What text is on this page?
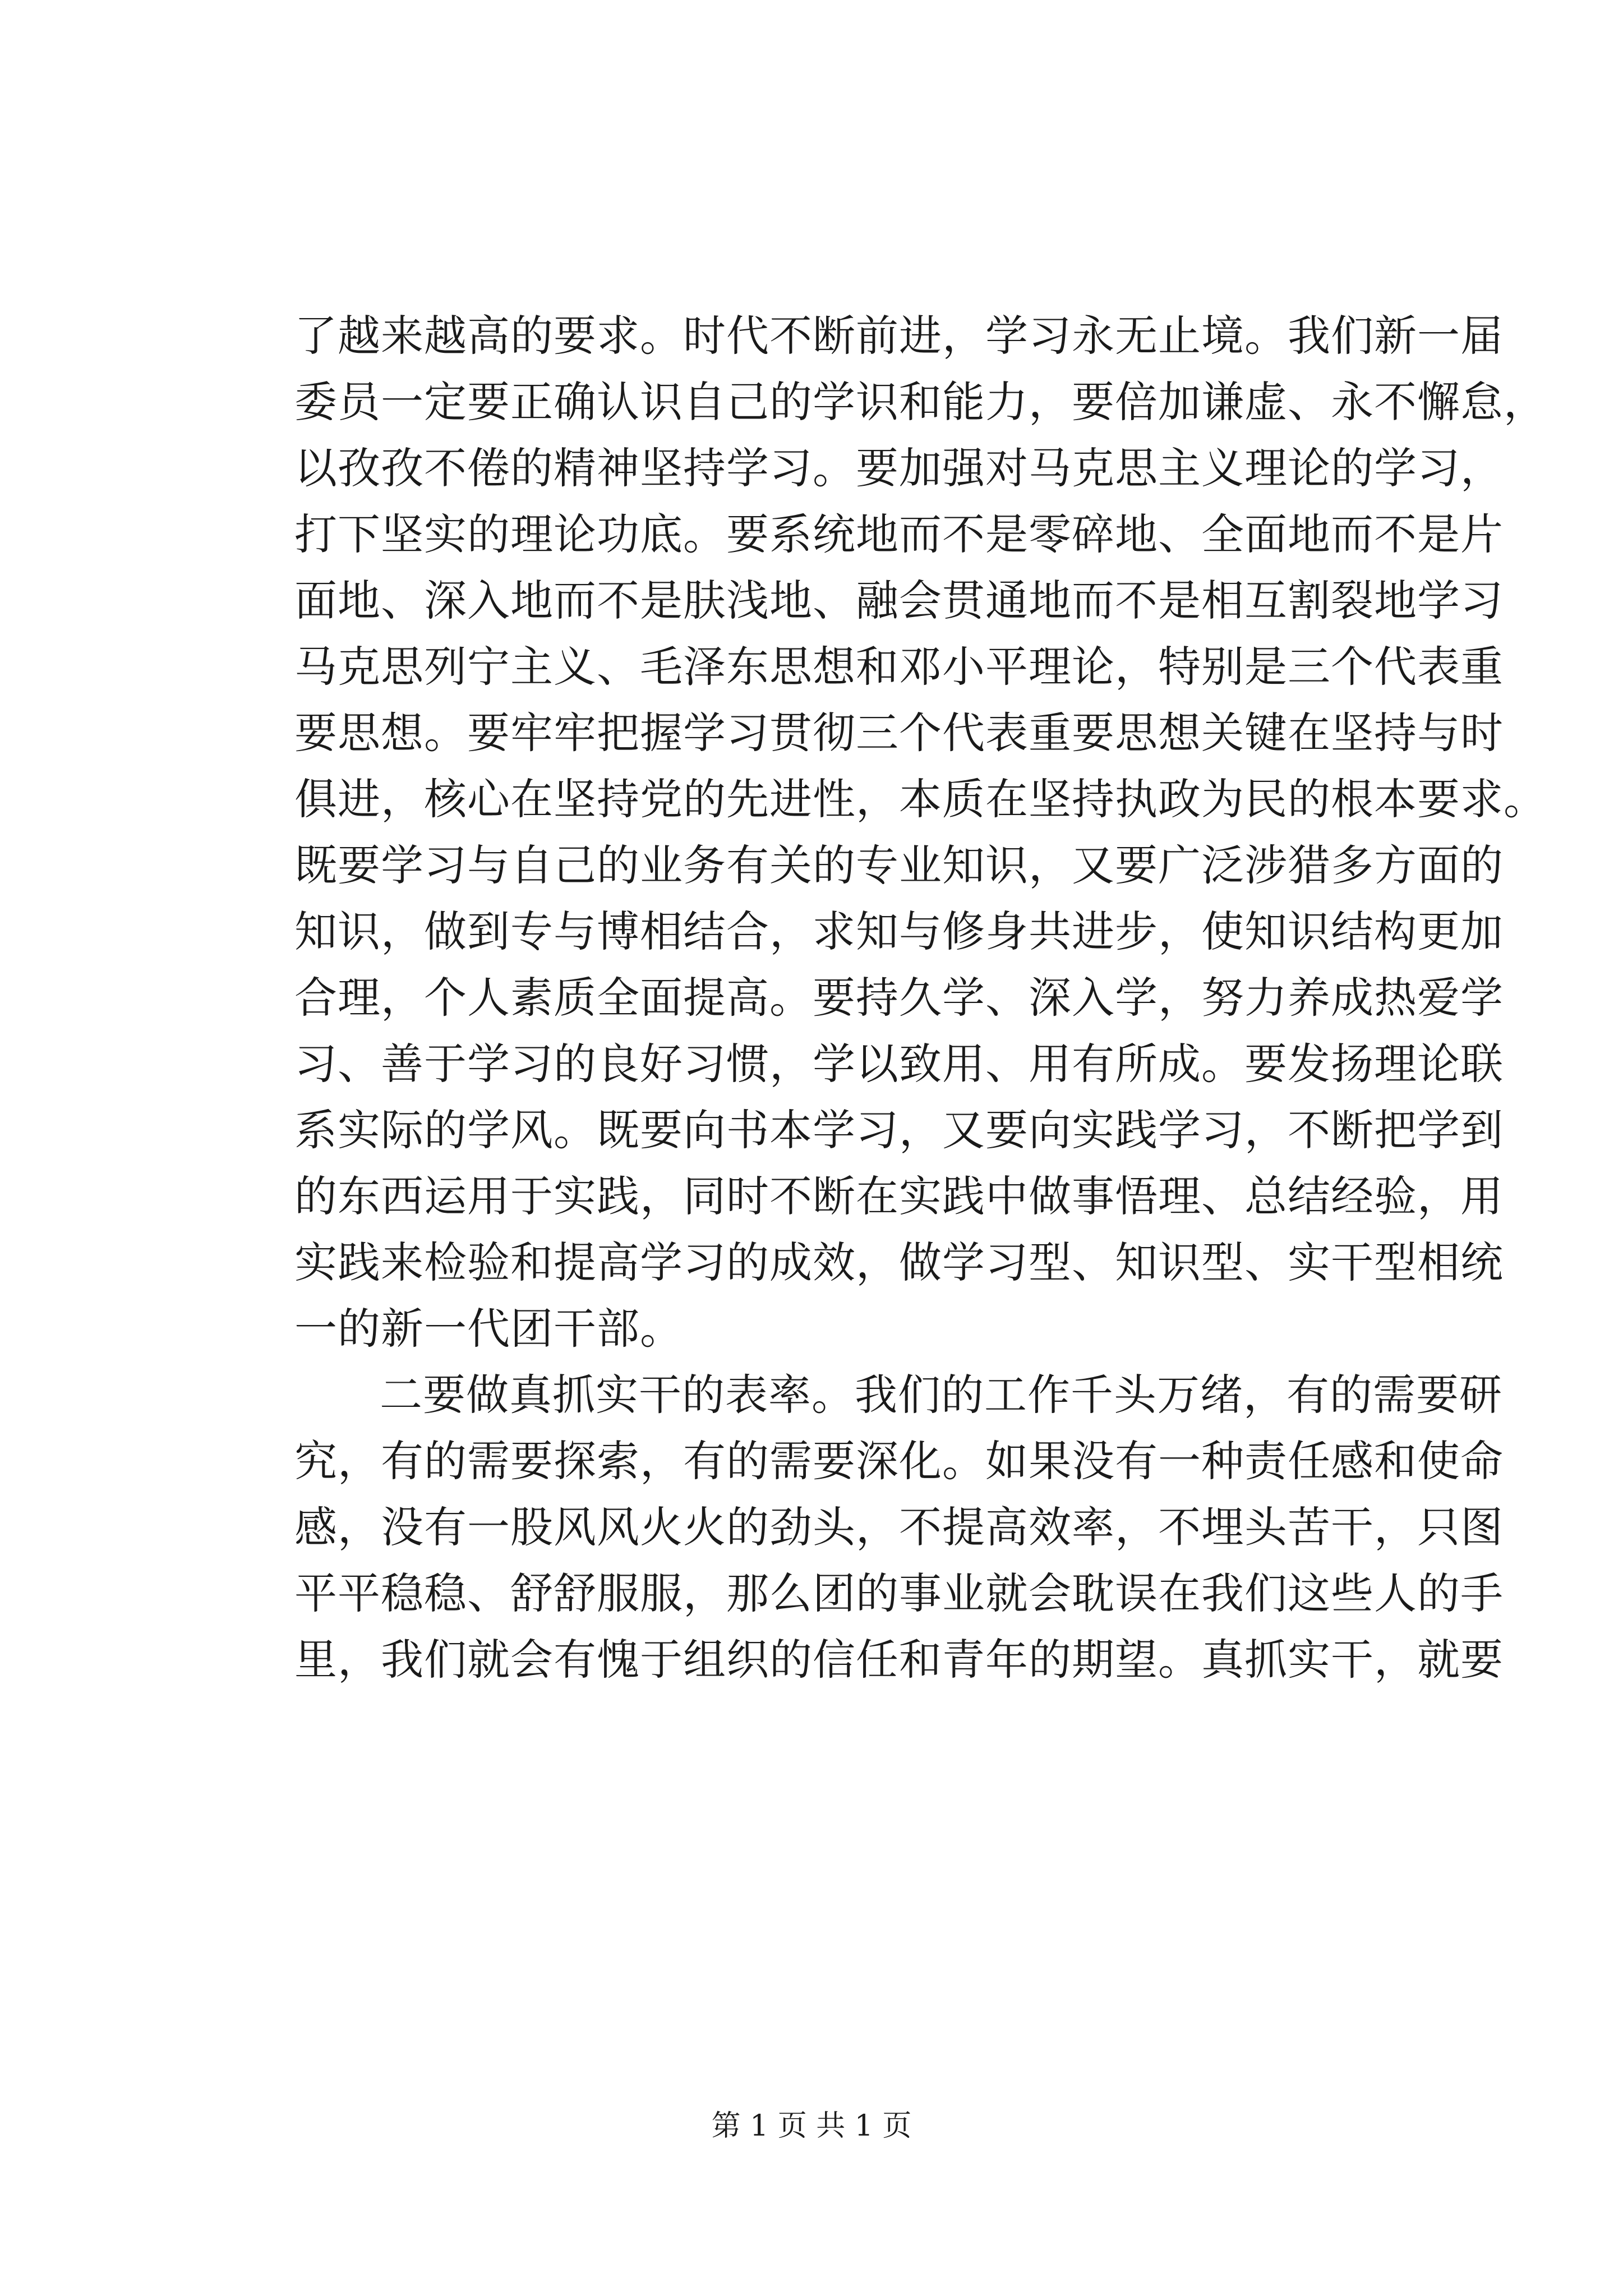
了越来越高的要求。时代不断前进，学习永无止境。我们新一届
委员一定要正确认识自己的学识和能力，要倍加谦虚、永不懈怠，
以孜孜不倦的精神坚持学习。要加强对马克思主义理论的学习，
打下坚实的理论功底。要系统地而不是零碎地、全面地而不是片
面地、深入地而不是肤浅地、融会贯通地而不是相互割裂地学习
马克思列宁主义、毛泽东思想和邓小平理论，特别是三个代表重
要思想。要牢牢把握学习贯彻三个代表重要思想关键在坚持与时
俱进，核心在坚持党的先进性，本质在坚持执政为民的根本要求。
既要学习与自己的业务有关的专业知识，又要广泛涉猎多方面的
知识，做到专与博相结合，求知与修身共进步，使知识结构更加
合理，个人素质全面提高。要持久学、深入学，努力养成热爱学
习、善于学习的良好习惯，学以致用、用有所成。要发扬理论联
系实际的学风。既要向书本学习，又要向实践学习，不断把学到
的东西运用于实践，同时不断在实践中做事悟理、总结经验，用
实践来检验和提高学习的成效，做学习型、知识型、实干型相统
一的新一代团干部。
二要做真抓实干的表率。我们的工作千头万绪，有的需要研
究，有的需要探索，有的需要深化。如果没有一种责任感和使命
感，没有一股风风火火的劲头，不提高效率，不埋头苦干，只图
平平稳稳、舒舒服服，那么团的事业就会耽误在我们这些人的手
里，我们就会有愧于组织的信任和青年的期望。真抓实干，就要
第 1 页 共 1 页
